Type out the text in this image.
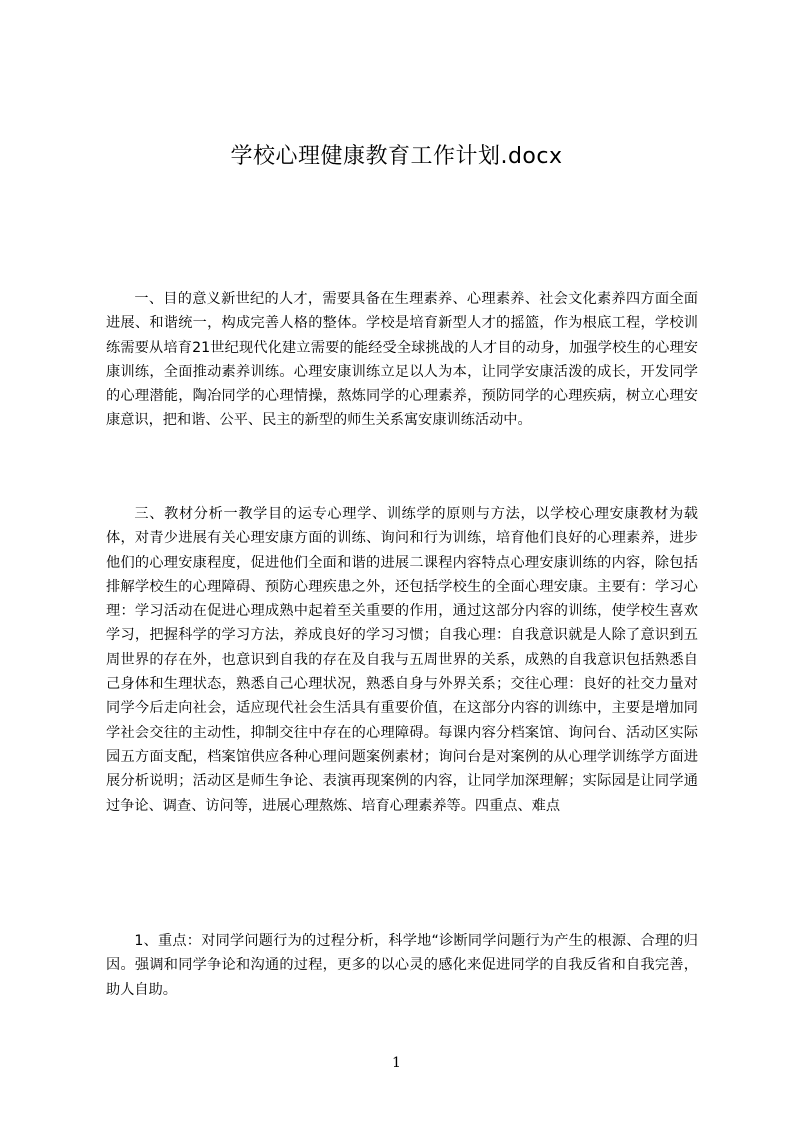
学校心理健康教育工作计划.docx

一、目的意义新世纪的人才，需要具备在生理素养、心理素养、社会文化素养四方面全面进展、和谐统一，构成完善人格的整体。学校是培育新型人才的摇篮，作为根底工程，学校训练需要从培育21世纪现代化建立需要的能经受全球挑战的人才目的动身，加强学校生的心理安康训练，全面推动素养训练。心理安康训练立足以人为本，让同学安康活泼的成长，开发同学的心理潜能，陶冶同学的心理情操，熬炼同学的心理素养，预防同学的心理疾病，树立心理安康意识，把和谐、公平、民主的新型的师生关系寓安康训练活动中。

三、教材分析一教学目的运专心理学、训练学的原则与方法，以学校心理安康教材为载体，对青少进展有关心理安康方面的训练、询问和行为训练，培育他们良好的心理素养，进步他们的心理安康程度，促进他们全面和谐的进展二课程内容特点心理安康训练的内容，除包括排解学校生的心理障碍、预防心理疾患之外，还包括学校生的全面心理安康。主要有：学习心理：学习活动在促进心理成熟中起着至关重要的作用，通过这部分内容的训练，使学校生喜欢学习，把握科学的学习方法，养成良好的学习习惯；自我心理：自我意识就是人除了意识到五周世界的存在外，也意识到自我的存在及自我与五周世界的关系，成熟的自我意识包括熟悉自己身体和生理状态，熟悉自己心理状况，熟悉自身与外界关系；交往心理：良好的社交力量对同学今后走向社会，适应现代社会生活具有重要价值，在这部分内容的训练中，主要是增加同学社会交往的主动性，抑制交往中存在的心理障碍。每课内容分档案馆、询问台、活动区实际园五方面支配，档案馆供应各种心理问题案例素材；询问台是对案例的从心理学训练学方面进展分析说明；活动区是师生争论、表演再现案例的内容，让同学加深理解；实际园是让同学通过争论、调查、访问等，进展心理熬炼、培育心理素养等。四重点、难点

1、重点：对同学问题行为的过程分析，科学地“诊断同学问题行为产生的根源、合理的归因。强调和同学争论和沟通的过程，更多的以心灵的感化来促进同学的自我反省和自我完善，助人自助。

1
